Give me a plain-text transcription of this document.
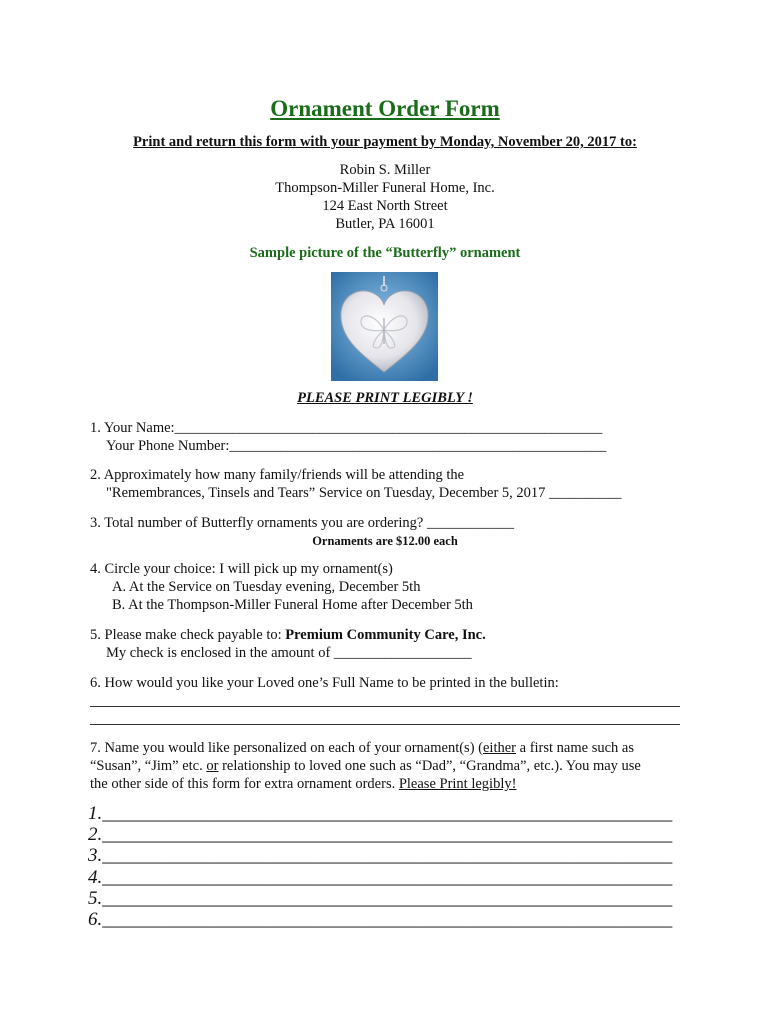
Ornament Order Form
Print and return this form with your payment by Monday, November 20, 2017 to:
Robin S. Miller
Thompson-Miller Funeral Home, Inc.
124 East North Street
Butler, PA 16001
Sample picture of the “Butterfly” ornament
PLEASE PRINT LEGIBLY !
1. Your Name:___________________________________________________________
Your Phone Number:____________________________________________________
2. Approximately how many family/friends will be attending the
"Remembrances, Tinsels and Tears” Service on Tuesday, December 5, 2017 __________
3. Total number of Butterfly ornaments you are ordering? ____________
Ornaments are $12.00 each
4. Circle your choice: I will pick up my ornament(s)
A. At the Service on Tuesday evening, December 5th
B. At the Thompson-Miller Funeral Home after December 5th
5. Please make check payable to: Premium Community Care, Inc.
My check is enclosed in the amount of ___________________
6. How would you like your Loved one’s Full Name to be printed in the bulletin:
7. Name you would like personalized on each of your ornament(s) (either a first name such as
“Susan”, “Jim” etc. or relationship to loved one such as “Dad”, “Grandma”, etc.). You may use
the other side of this form for extra ornament orders. Please Print legibly!
1.____________________________________________________________
2.____________________________________________________________
3.____________________________________________________________
4.____________________________________________________________
5.____________________________________________________________
6.____________________________________________________________
